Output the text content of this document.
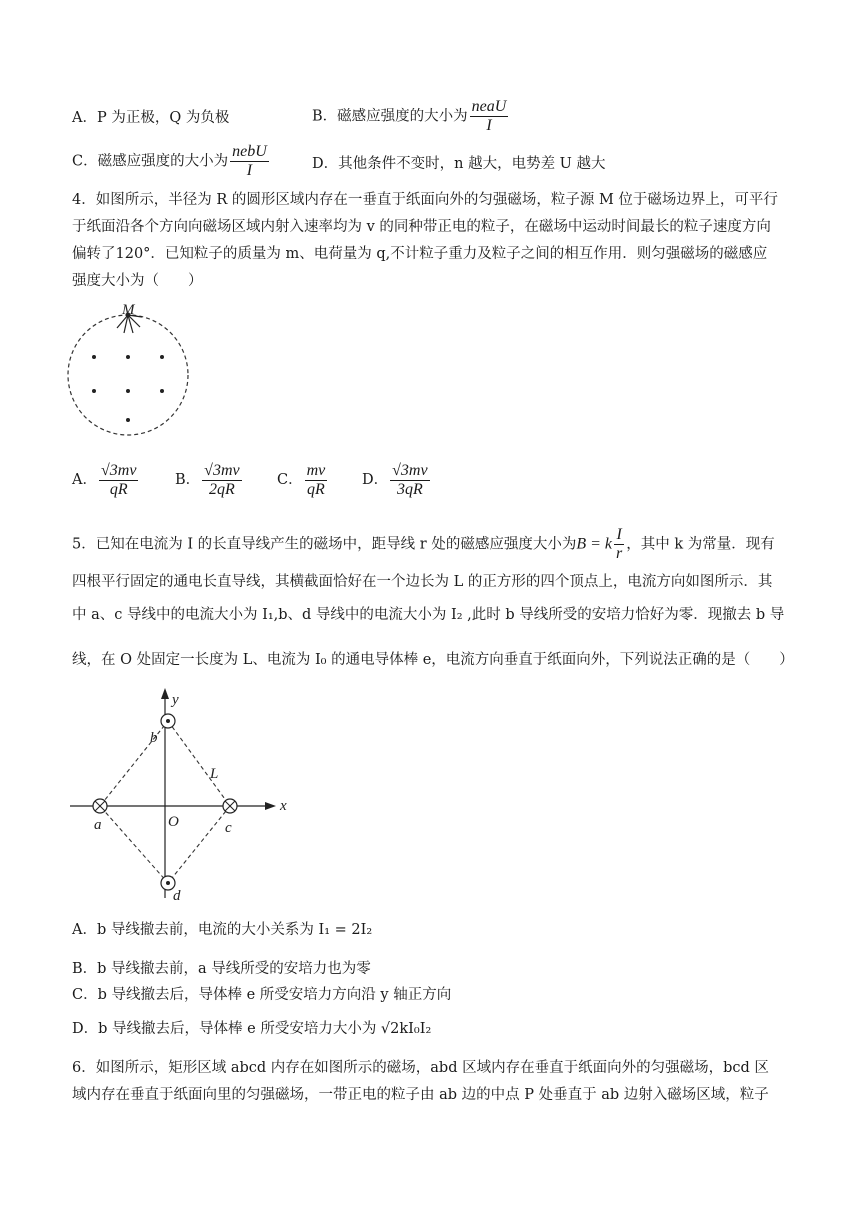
A．P 为正极，Q 为负极	B．磁感应强度的大小为 $\frac{\text{neaU}}{I}$
C．磁感应强度的大小为 $\frac{\text{nebU}}{I}$	D．其他条件不变时，n 越大，电势差 U 越大
4．如图所示，半径为 R 的圆形区域内存在一垂直于纸面向外的匀强磁场，粒子源 M 位于磁场边界上，可平行
于纸面沿各个方向向磁场区域内射入速率均为 v 的同种带正电的粒子，在磁场中运动时间最长的粒子速度方向
偏转了120°．已知粒子的质量为 m、电荷量为 q,不计粒子重力及粒子之间的相互作用．则匀强磁场的磁感应
强度大小为（　　）
M
A． $\frac{√3mv}{qR}$	B． $\frac{√3mv}{2qR}$ C． $\frac{mv}{qR}$ D． $\frac{√3mv}{3qR}$
5．已知在电流为 I 的长直导线产生的磁场中，距导线 r 处的磁感应强度大小为B = k $\frac{I}{r}$ ，其中 k 为常量．现有
四根平行固定的通电长直导线，其横截面恰好在一个边长为 L 的正方形的四个顶点上，电流方向如图所示．其
中 a、c 导线中的电流大小为 I₁,b、d 导线中的电流大小为 I₂ ,此时 b 导线所受的安培力恰好为零．现撤去 b 导
线，在 O 处固定一长度为 L、电流为 I₀ 的通电导体棒 e，电流方向垂直于纸面向外，下列说法正确的是（　　）
y
x
b
L
a	O	c
d
A．b 导线撤去前，电流的大小关系为 I₁ = 2I₂
B．b 导线撤去前，a 导线所受的安培力也为零
C．b 导线撤去后，导体棒 e 所受安培力方向沿 y 轴正方向
D．b 导线撤去后，导体棒 e 所受安培力大小为 √2kI₀I₂
6．如图所示，矩形区域 abcd 内存在如图所示的磁场，abd 区域内存在垂直于纸面向外的匀强磁场，bcd 区
域内存在垂直于纸面向里的匀强磁场，一带正电的粒子由 ab 边的中点 P 处垂直于 ab 边射入磁场区域，粒子
